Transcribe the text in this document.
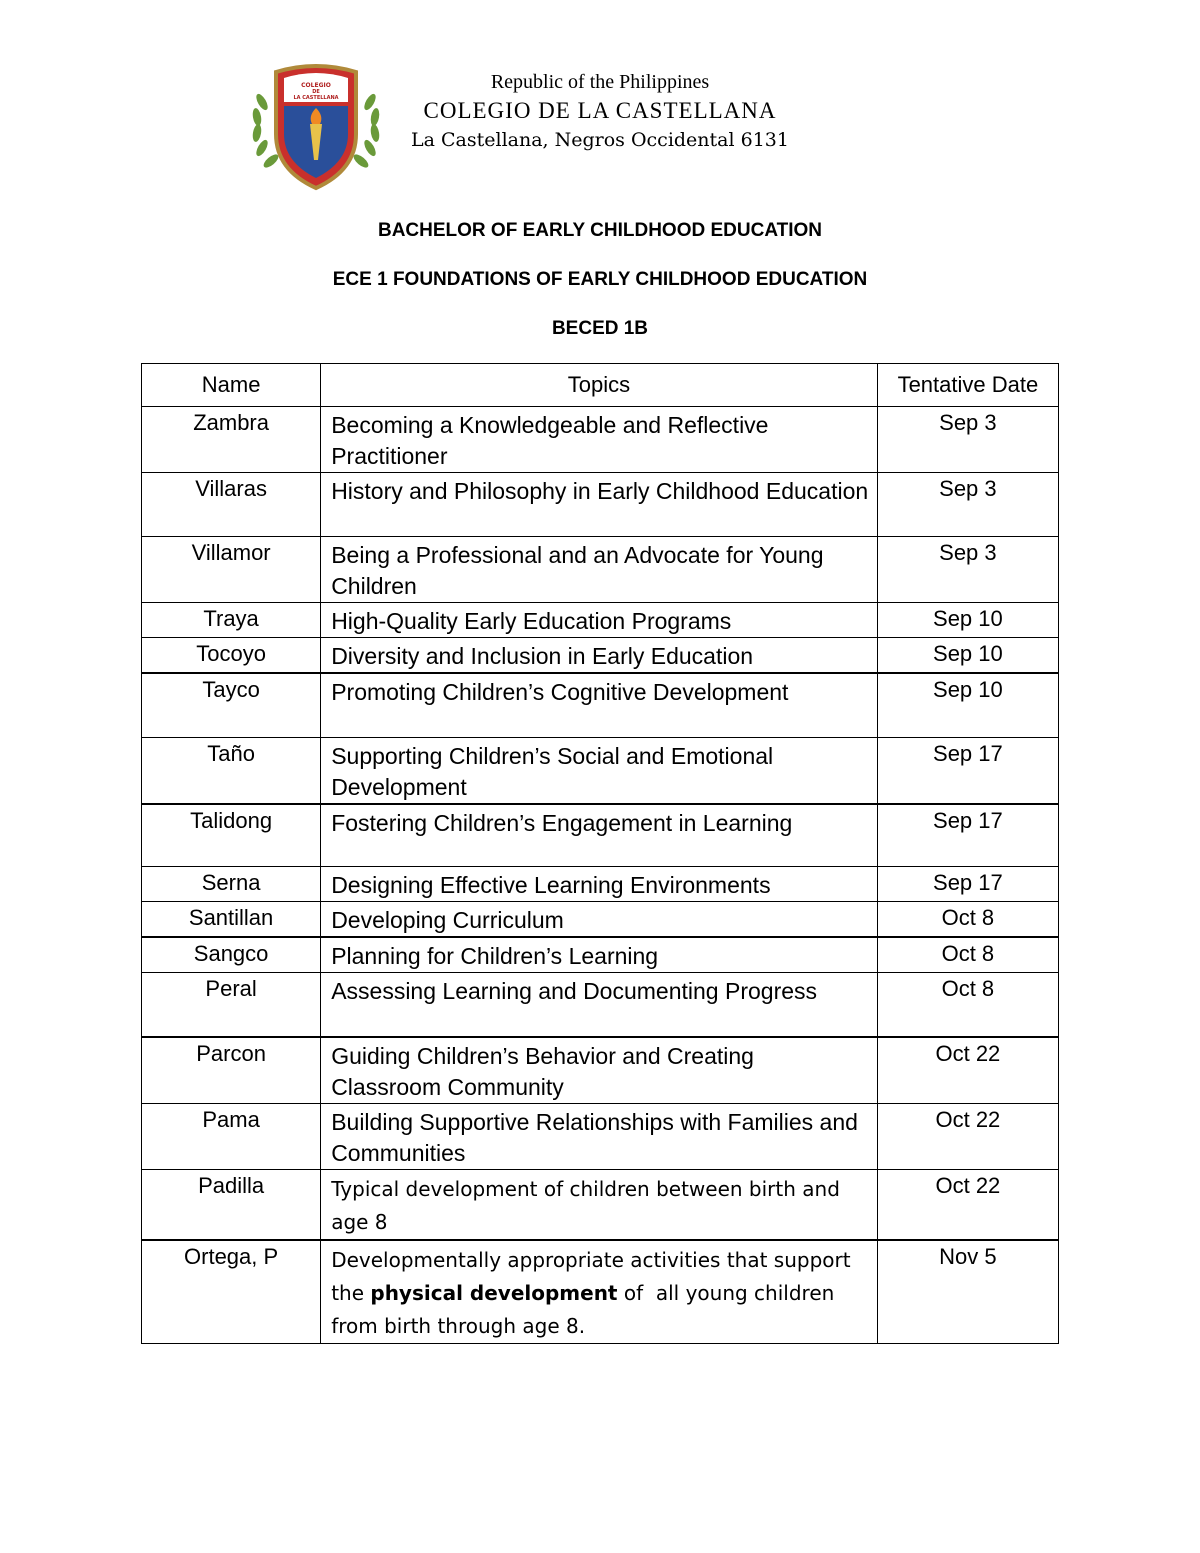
COLEGIO
DE
LA CASTELLANA
Republic of the Philippines
COLEGIO DE LA CASTELLANA
La Castellana, Negros Occidental 6131
BACHELOR OF EARLY CHILDHOOD EDUCATION
ECE 1 FOUNDATIONS OF EARLY CHILDHOOD EDUCATION
BECED 1B
Name	Topics	Tentative Date
Zambra	Becoming a Knowledgeable and Reflective Practitioner	Sep 3
Villaras	History and Philosophy in Early Childhood Education	Sep 3
Villamor	Being a Professional and an Advocate for Young Children	Sep 3
Traya	High-Quality Early Education Programs	Sep 10
Tocoyo	Diversity and Inclusion in Early Education	Sep 10
Tayco	Promoting Children’s Cognitive Development	Sep 10
Taño	Supporting Children’s Social and Emotional Development	Sep 17
Talidong	Fostering Children’s Engagement in Learning	Sep 17
Serna	Designing Effective Learning Environments	Sep 17
Santillan	Developing Curriculum	Oct 8
Sangco	Planning for Children’s Learning	Oct 8
Peral	Assessing Learning and Documenting Progress	Oct 8
Parcon	Guiding Children’s Behavior and Creating Classroom Community	Oct 22
Pama	Building Supportive Relationships with Families and Communities	Oct 22
Padilla	Typical development of children between birth and age 8	Oct 22
Ortega, P	Developmentally appropriate activities that support the physical development of  all young children from birth through age 8.	Nov 5
